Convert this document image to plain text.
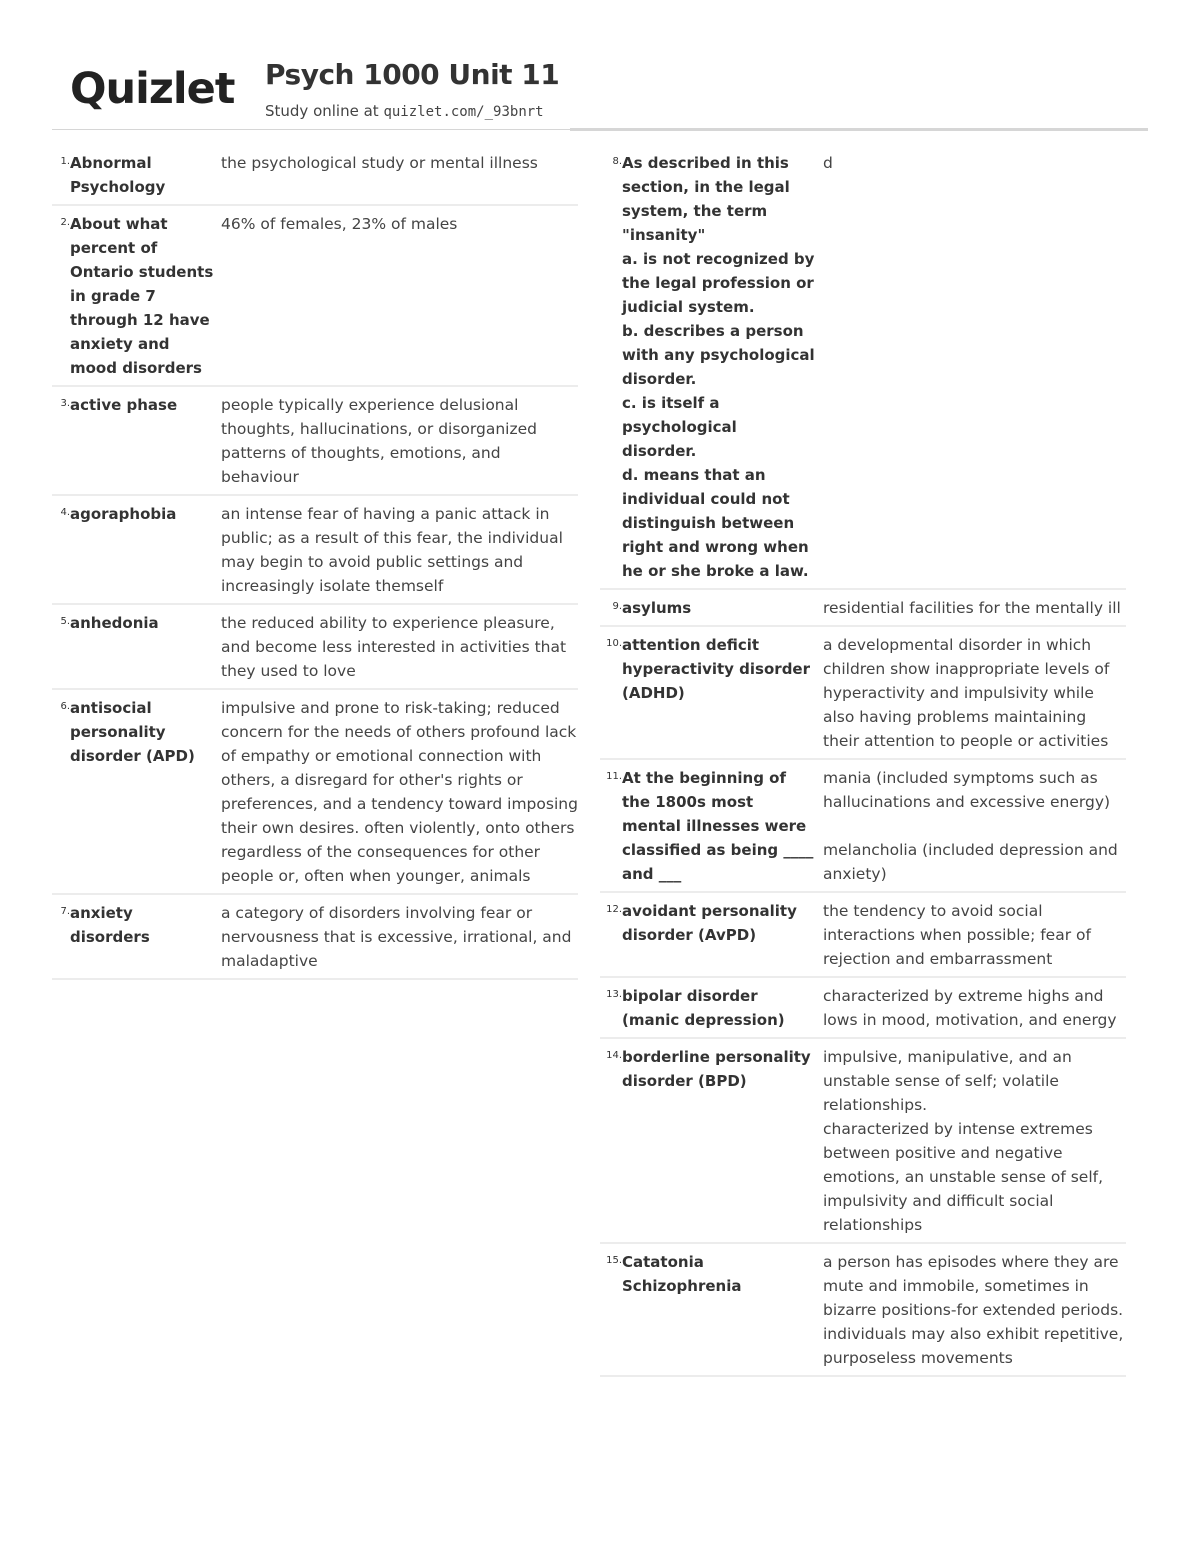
Quizlet Psych 1000 Unit 11
Study online at quizlet.com/_93bnrt
1. Abnormal Psychology
the psychological study or mental illness
2. About what percent of Ontario students in grade 7 through 12 have anxiety and mood disorders
46% of females, 23% of males
3. active phase	people typically experience delusional thoughts, hallucinations, or disorganized patterns of thoughts, emotions, and behaviour
4. agoraphobia	an intense fear of having a panic attack in public; as a result of this fear, the individual may begin to avoid public settings and increasingly isolate themself
5. anhedonia	the reduced ability to experience pleasure, and become less interested in activities that they used to love
6. antisocial personality disorder (APD)
impulsive and prone to risk-taking; reduced concern for the needs of others profound lack of empathy or emotional connection with others, a disregard for other's rights or preferences, and a tendency toward imposing their own desires. often violently, onto others regardless of the consequences for other people or, often when younger, animals
7. anxiety disorders
a category of disorders involving fear or nervousness that is excessive, irrational, and maladaptive
8. As described in this section, in the legal system, the term "insanity"
a. is not recognized by the legal profession or judicial system.
b. describes a person with any psychological disorder.
c. is itself a psychological disorder.
d. means that an individual could not distinguish between right and wrong when he or she broke a law.
d
9. asylums	residential facilities for the mentally ill
10. attention deficit hyperactivity disorder (ADHD)
a developmental disorder in which children show inappropriate levels of hyperactivity and impulsivity while also having problems maintaining their attention to people or activities
11. At the beginning of the 1800s most mental illnesses were classified as being ____ and ___
mania (included symptoms such as hallucinations and excessive energy)
melancholia (included depression and anxiety)
12. avoidant personality disorder (AvPD)
the tendency to avoid social interactions when possible; fear of rejection and embarrassment
13. bipolar disorder (manic depression)
characterized by extreme highs and lows in mood, motivation, and energy
14. borderline personality disorder (BPD)
impulsive, manipulative, and an unstable sense of self; volatile relationships.
characterized by intense extremes between positive and negative emotions, an unstable sense of self, impulsivity and difficult social relationships
15. Catatonia Schizophrenia
a person has episodes where they are mute and immobile, sometimes in bizarre positions-for extended periods. individuals may also exhibit repetitive, purposeless movements
